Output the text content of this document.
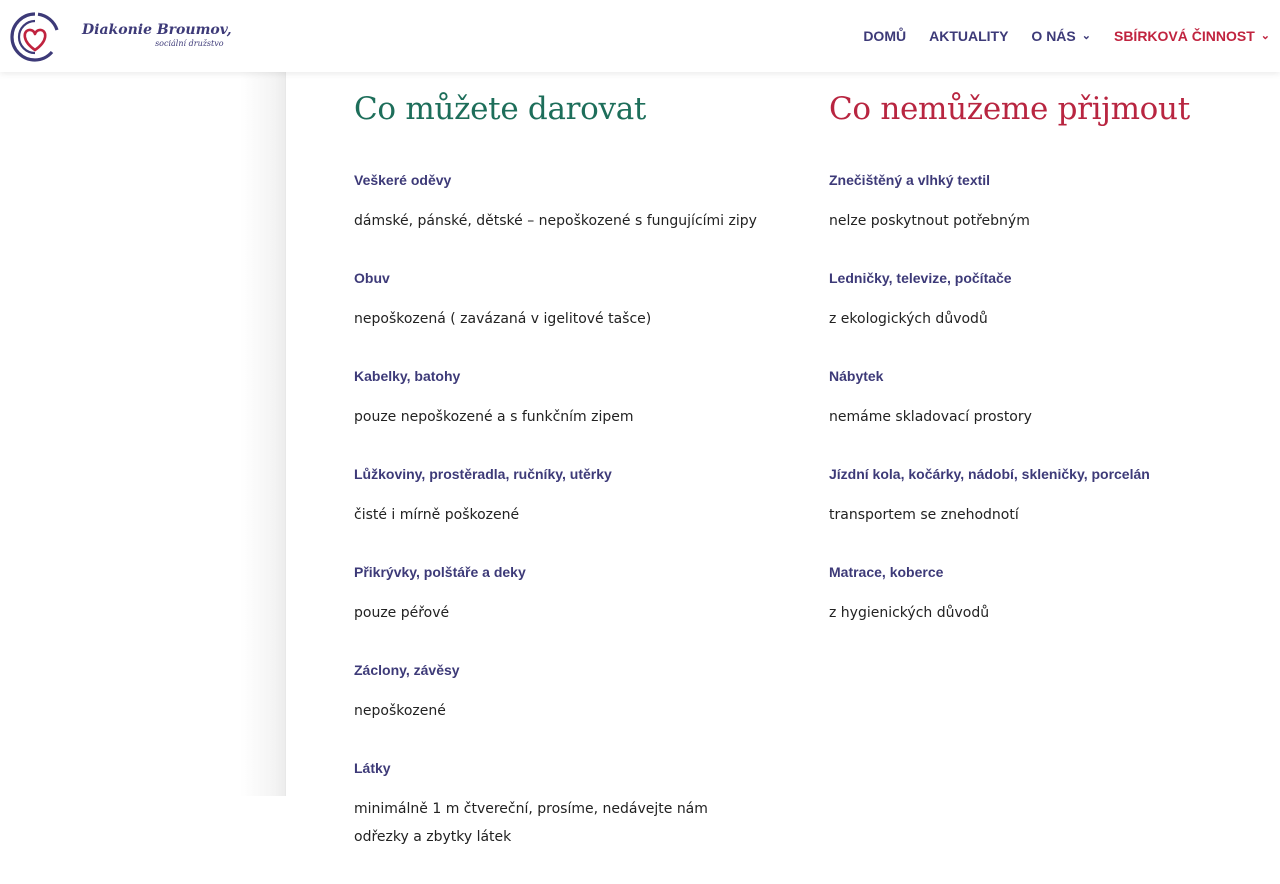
Diakonie Broumov,
sociální družstvo	DOMŮ AKTUALITY O NÁS ⌄ SBÍRKOVÁ ČINNOST ⌄
Co můžete darovat
Veškeré oděvy
dámské, pánské, dětské – nepoškozené s fungujícími zipy
Obuv
nepoškozená ( zavázaná v igelitové tašce)
Kabelky, batohy
pouze nepoškozené a s funkčním zipem
Lůžkoviny, prostěradla, ručníky, utěrky
čisté i mírně poškozené
Přikrývky, polštáře a deky
pouze péřové
Záclony, závěsy
nepoškozené
Látky
minimálně 1 m čtvereční, prosíme, nedávejte nám odřezky a zbytky látek
Co nemůžeme přijmout
Znečištěný a vlhký textil
nelze poskytnout potřebným
Ledničky, televize, počítače
z ekologických důvodů
Nábytek
nemáme skladovací prostory
Jízdní kola, kočárky, nádobí, skleničky, porcelán
transportem se znehodnotí
Matrace, koberce
z hygienických důvodů
